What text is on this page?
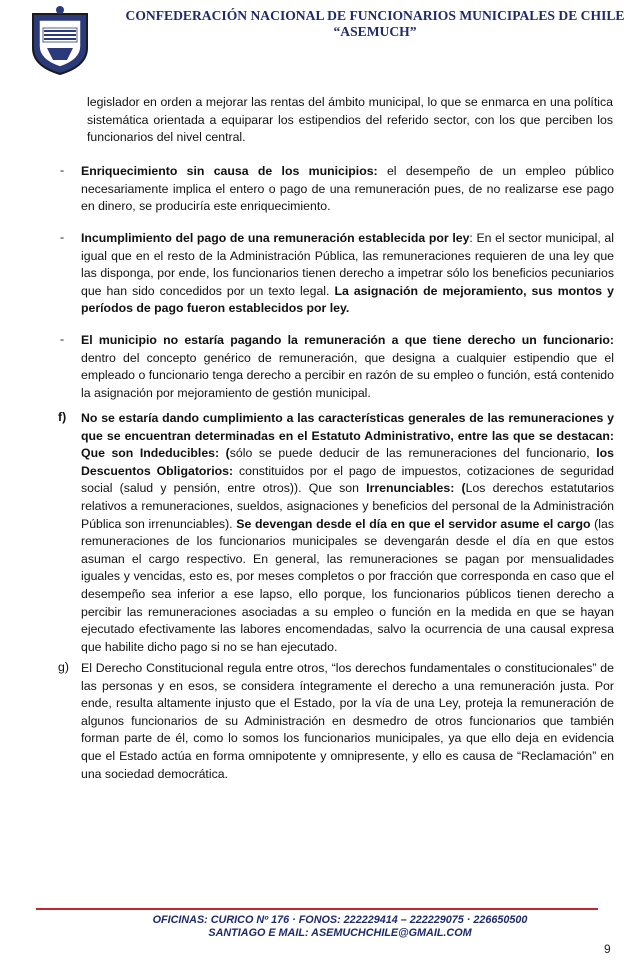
CONFEDERACIÓN NACIONAL DE FUNCIONARIOS MUNICIPALES DE CHILE
“ASEMUCH”

legislador en orden a mejorar las rentas del ámbito municipal, lo que se enmarca en una política sistemática orientada a equiparar los estipendios del referido sector, con los que perciben los funcionarios del nivel central.

- Enriquecimiento sin causa de los municipios: el desempeño de un empleo público necesariamente implica el entero o pago de una remuneración pues, de no realizarse ese pago en dinero, se produciría este enriquecimiento.

- Incumplimiento del pago de una remuneración establecida por ley: En el sector municipal, al igual que en el resto de la Administración Pública, las remuneraciones requieren de una ley que las disponga, por ende, los funcionarios tienen derecho a impetrar sólo los beneficios pecuniarios que han sido concedidos por un texto legal. La asignación de mejoramiento, sus montos y períodos de pago fueron establecidos por ley.

- El municipio no estaría pagando la remuneración a que tiene derecho un funcionario: dentro del concepto genérico de remuneración, que designa a cualquier estipendio que el empleado o funcionario tenga derecho a percibir en razón de su empleo o función, está contenido la asignación por mejoramiento de gestión municipal.

f) No se estaría dando cumplimiento a las características generales de las remuneraciones y que se encuentran determinadas en el Estatuto Administrativo, entre las que se destacan: Que son Indeducibles: (sólo se puede deducir de las remuneraciones del funcionario, los Descuentos Obligatorios: constituidos por el pago de impuestos, cotizaciones de seguridad social (salud y pensión, entre otros)). Que son Irrenunciables: (Los derechos estatutarios relativos a remuneraciones, sueldos, asignaciones y beneficios del personal de la Administración Pública son irrenunciables). Se devengan desde el día en que el servidor asume el cargo (las remuneraciones de los funcionarios municipales se devengarán desde el día en que estos asuman el cargo respectivo. En general, las remuneraciones se pagan por mensualidades iguales y vencidas, esto es, por meses completos o por fracción que corresponda en caso que el desempeño sea inferior a ese lapso, ello porque, los funcionarios públicos tienen derecho a percibir las remuneraciones asociadas a su empleo o función en la medida en que se hayan ejecutado efectivamente las labores encomendadas, salvo la ocurrencia de una causal expresa que habilite dicho pago si no se han ejecutado.

g) El Derecho Constitucional regula entre otros, “los derechos fundamentales o constitucionales” de las personas y en esos, se considera íntegramente el derecho a una remuneración justa. Por ende, resulta altamente injusto que el Estado, por la vía de una Ley, proteja la remuneración de algunos funcionarios de su Administración en desmedro de otros funcionarios que también forman parte de él, como lo somos los funcionarios municipales, ya que ello deja en evidencia que el Estado actúa en forma omnipotente y omnipresente, y ello es causa de “Reclamación” en una sociedad democrática.

OFICINAS: CURICO Nº 176 · FONOS: 222229414 – 222229075 · 226650500
SANTIAGO E MAIL: ASEMUCHCHILE@GMAIL.COM
9
